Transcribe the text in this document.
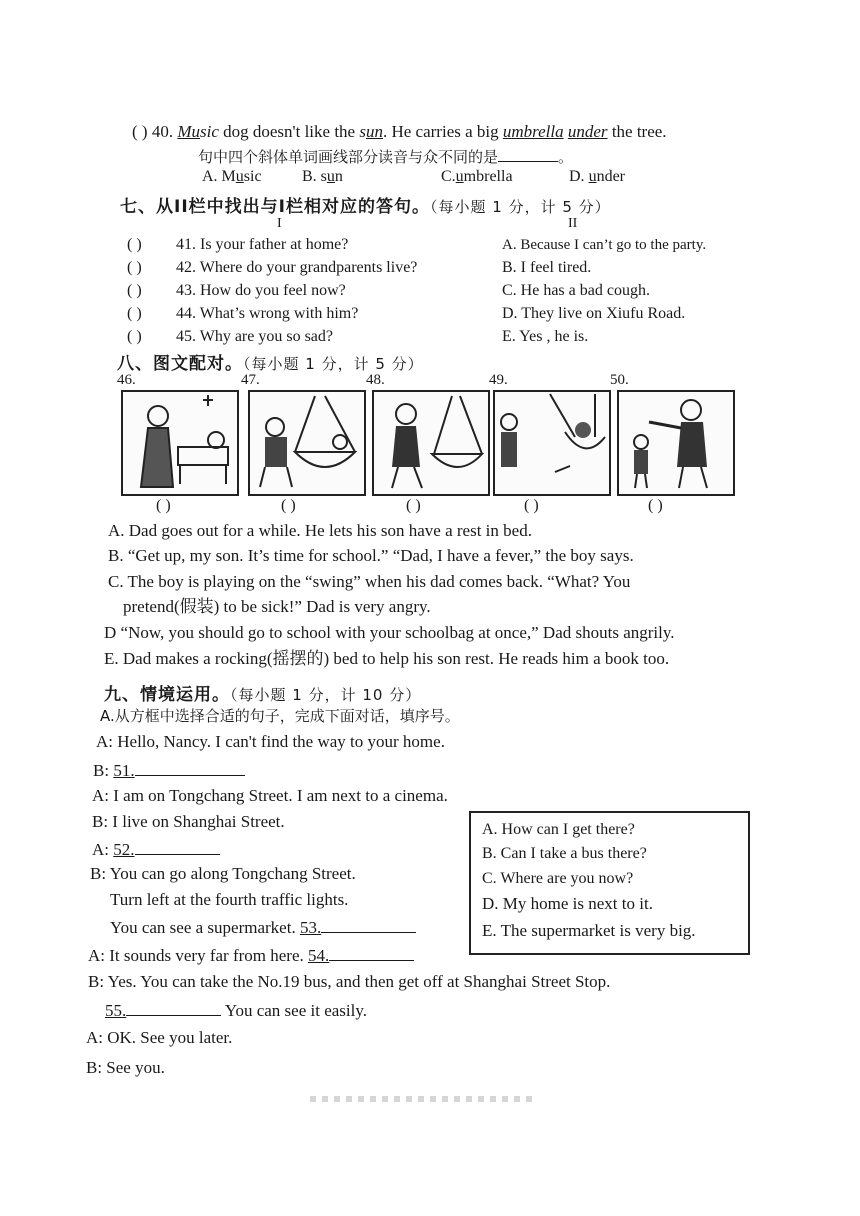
( ) 40. Music dog doesn't like the sun. He carries a big umbrella under the tree.
句中四个斜体单词画线部分读音与众不同的是	。
A. Music	B. sun	C.umbrella	D. under
七、从II栏中找出与I栏相对应的答句。（每小题 1 分，计 5 分）
I	II
( ) 41. Is your father at home?	A. Because I can’t go to the party.
( ) 42. Where do your grandparents live?	B. I feel tired.
( ) 43. How do you feel now?	C. He has a bad cough.
( ) 44. What’s wrong with him?	D. They live on Xiufu Road.
( ) 45. Why are you so sad?	E. Yes , he is.
八、图文配对。（每小题 1 分，计 5 分）
46.	47.	48.	49.	50.
( )	( )	( )	( )	( )
A. Dad goes out for a while. He lets his son have a rest in bed.
B. “Get up, my son. It’s time for school.” “Dad, I have a fever,” the boy says.
C. The boy is playing on the “swing” when his dad comes back. “What? You
pretend(假装) to be sick!” Dad is very angry.
D “Now, you should go to school with your schoolbag at once,” Dad shouts angrily.
E. Dad makes a rocking(摇摆的) bed to help his son rest. He reads him a book too.
九、情境运用。（每小题 1 分，计 10 分）
A.从方框中选择合适的句子，完成下面对话，填序号。
A: Hello, Nancy. I can't find the way to your home.
B: 51.
A: I am on Tongchang Street. I am next to a cinema.
B: I live on Shanghai Street.
A: 52.
B: You can go along Tongchang Street.
Turn left at the fourth traffic lights.
You can see a supermarket. 53.
A: It sounds very far from here. 54.
B: Yes. You can take the No.19 bus, and then get off at Shanghai Street Stop.
55.	You can see it easily.
A: OK. See you later.
B: See you.
A. How can I get there?
B. Can I take a bus there?
C. Where are you now?
D. My home is next to it.
E. The supermarket is very big.
